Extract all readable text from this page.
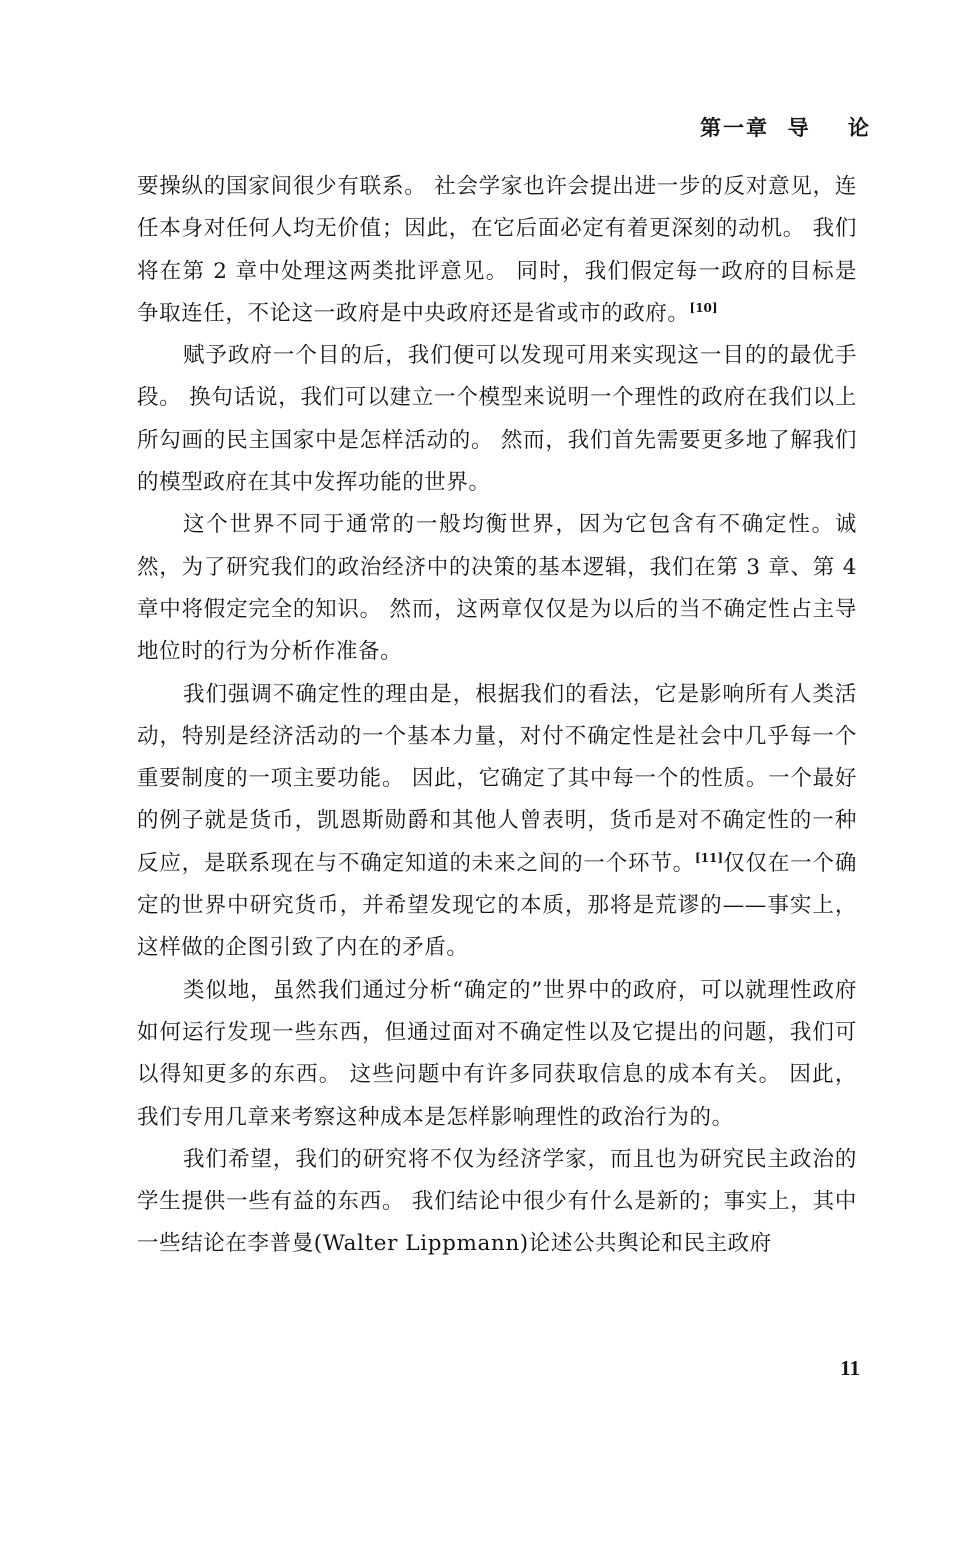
第一章  导    论

要操纵的国家间很少有联系。 社会学家也许会提出进一步的反对意见，连任本身对任何人均无价值；因此，在它后面必定有着更深刻的动机。 我们将在第 2 章中处理这两类批评意见。 同时，我们假定每一政府的目标是争取连任，不论这一政府是中央政府还是省或市的政府。[10]

赋予政府一个目的后，我们便可以发现可用来实现这一目的的最优手段。 换句话说，我们可以建立一个模型来说明一个理性的政府在我们以上所勾画的民主国家中是怎样活动的。 然而，我们首先需要更多地了解我们的模型政府在其中发挥功能的世界。

这个世界不同于通常的一般均衡世界，因为它包含有不确定性。诚然，为了研究我们的政治经济中的决策的基本逻辑，我们在第 3 章、第 4 章中将假定完全的知识。 然而，这两章仅仅是为以后的当不确定性占主导地位时的行为分析作准备。

我们强调不确定性的理由是，根据我们的看法，它是影响所有人类活动，特别是经济活动的一个基本力量，对付不确定性是社会中几乎每一个重要制度的一项主要功能。 因此，它确定了其中每一个的性质。一个最好的例子就是货币，凯恩斯勋爵和其他人曾表明，货币是对不确定性的一种反应，是联系现在与不确定知道的未来之间的一个环节。[11]仅仅在一个确定的世界中研究货币，并希望发现它的本质，那将是荒谬的——事实上，这样做的企图引致了内在的矛盾。

类似地，虽然我们通过分析“确定的”世界中的政府，可以就理性政府如何运行发现一些东西，但通过面对不确定性以及它提出的问题，我们可以得知更多的东西。 这些问题中有许多同获取信息的成本有关。 因此，我们专用几章来考察这种成本是怎样影响理性的政治行为的。

我们希望，我们的研究将不仅为经济学家，而且也为研究民主政治的学生提供一些有益的东西。 我们结论中很少有什么是新的；事实上，其中一些结论在李普曼(Walter Lippmann)论述公共舆论和民主政府

11
